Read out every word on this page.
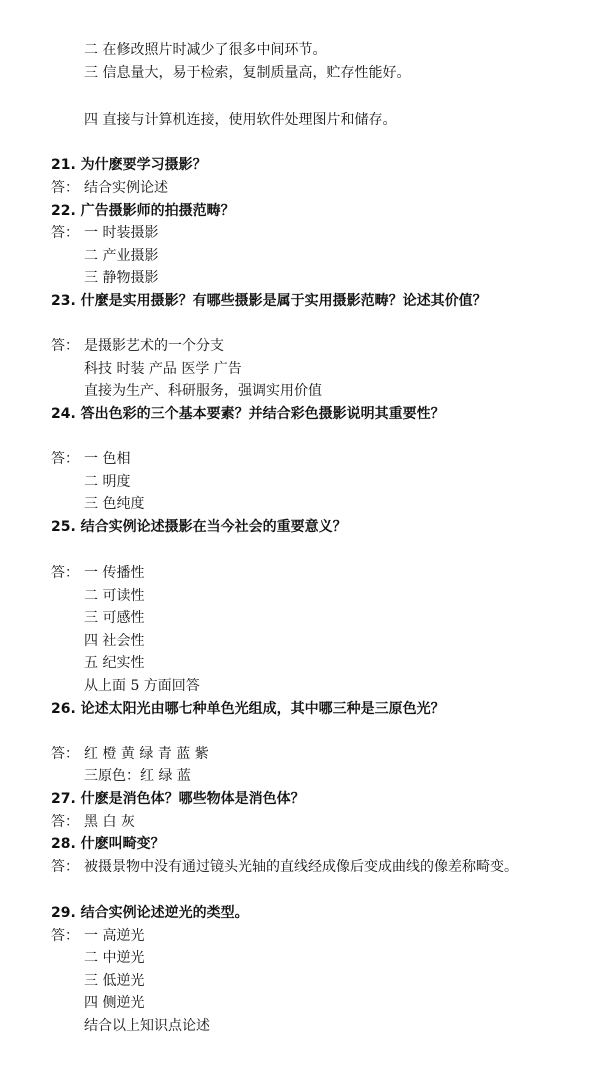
二 在修改照片时减少了很多中间环节。
三 信息量大，易于检索，复制质量高，贮存性能好。
四 直接与计算机连接，使用软件处理图片和储存。
21. 为什麽要学习摄影？
答： 结合实例论述
22. 广告摄影师的拍摄范畴？
答： 一 时装摄影
二 产业摄影
三 静物摄影
23. 什麼是实用摄影？有哪些摄影是属于实用摄影范畴？论述其价值？
答： 是摄影艺术的一个分支
科技 时装 产品 医学 广告
直接为生产、科研服务，强调实用价值
24. 答出色彩的三个基本要素？并结合彩色摄影说明其重要性？
答： 一 色相
二 明度
三 色纯度
25. 结合实例论述摄影在当今社会的重要意义？
答： 一 传播性
二 可读性
三 可感性
四 社会性
五 纪实性
从上面 5 方面回答
26. 论述太阳光由哪七种单色光组成，其中哪三种是三原色光？
答： 红 橙 黄 绿 青 蓝 紫
三原色：红 绿 蓝
27. 什麽是消色体？哪些物体是消色体？
答： 黑 白 灰
28. 什麽叫畸变？
答： 被摄景物中没有通过镜头光轴的直线经成像后变成曲线的像差称畸变。
29. 结合实例论述逆光的类型。
答： 一 高逆光
二 中逆光
三 低逆光
四 侧逆光
结合以上知识点论述
